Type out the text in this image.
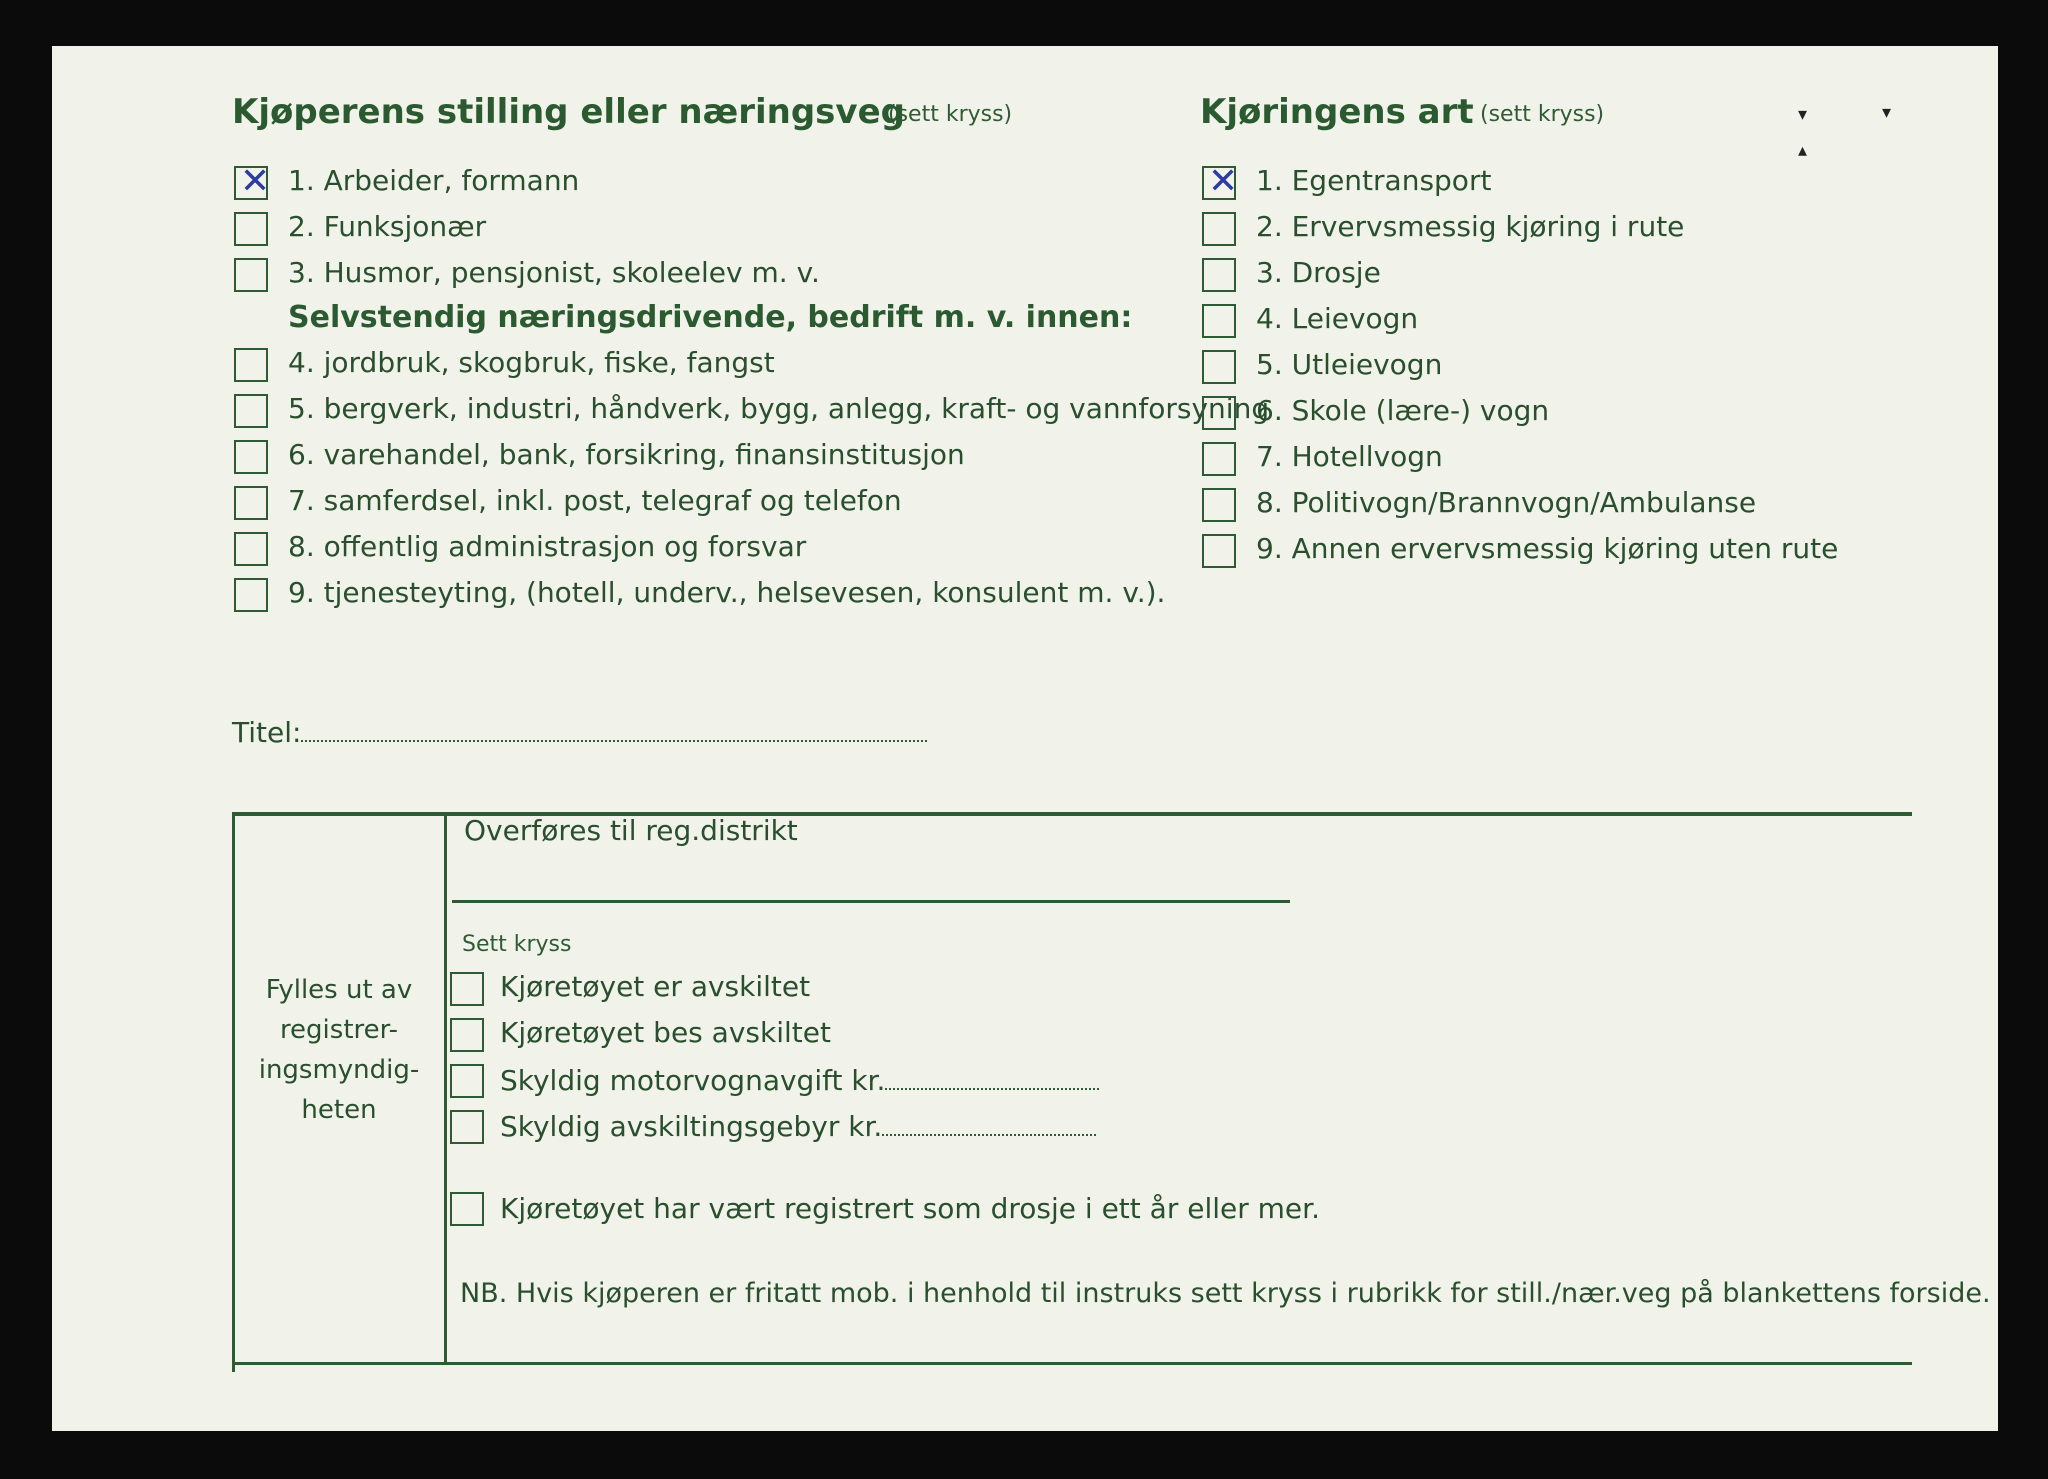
Kjøperens stilling eller næringsveg
(sett kryss)
✕ 1. Arbeider, formann
2. Funksjonær
3. Husmor, pensjonist, skoleelev m. v.
Selvstendig næringsdrivende, bedrift m. v. innen:
4. jordbruk, skogbruk, fiske, fangst
5. bergverk, industri, håndverk, bygg, anlegg, kraft- og vannforsyning
6. varehandel, bank, forsikring, finansinstitusjon
7. samferdsel, inkl. post, telegraf og telefon
8. offentlig administrasjon og forsvar
9. tjenesteyting, (hotell, underv., helsevesen, konsulent m. v.).
Kjøringens art (sett kryss)
✕ 1. Egentransport
2. Ervervsmessig kjøring i rute
3. Drosje
4. Leievogn
5. Utleievogn
6. Skole (lære-) vogn
7. Hotellvogn
8. Politivogn/Brannvogn/Ambulanse
9. Annen ervervsmessig kjøring uten rute
Titel:
Fylles ut av registrer-ingsmyndig-heten
Overføres til reg.distrikt
Sett kryss
Kjøretøyet er avskiltet
Kjøretøyet bes avskiltet
Skyldig motorvognavgift kr.
Skyldig avskiltingsgebyr kr.
Kjøretøyet har vært registrert som drosje i ett år eller mer.
NB. Hvis kjøperen er fritatt mob. i henhold til instruks sett kryss i rubrikk for still./nær.veg på blankettens forside.
▾	▾
▴
